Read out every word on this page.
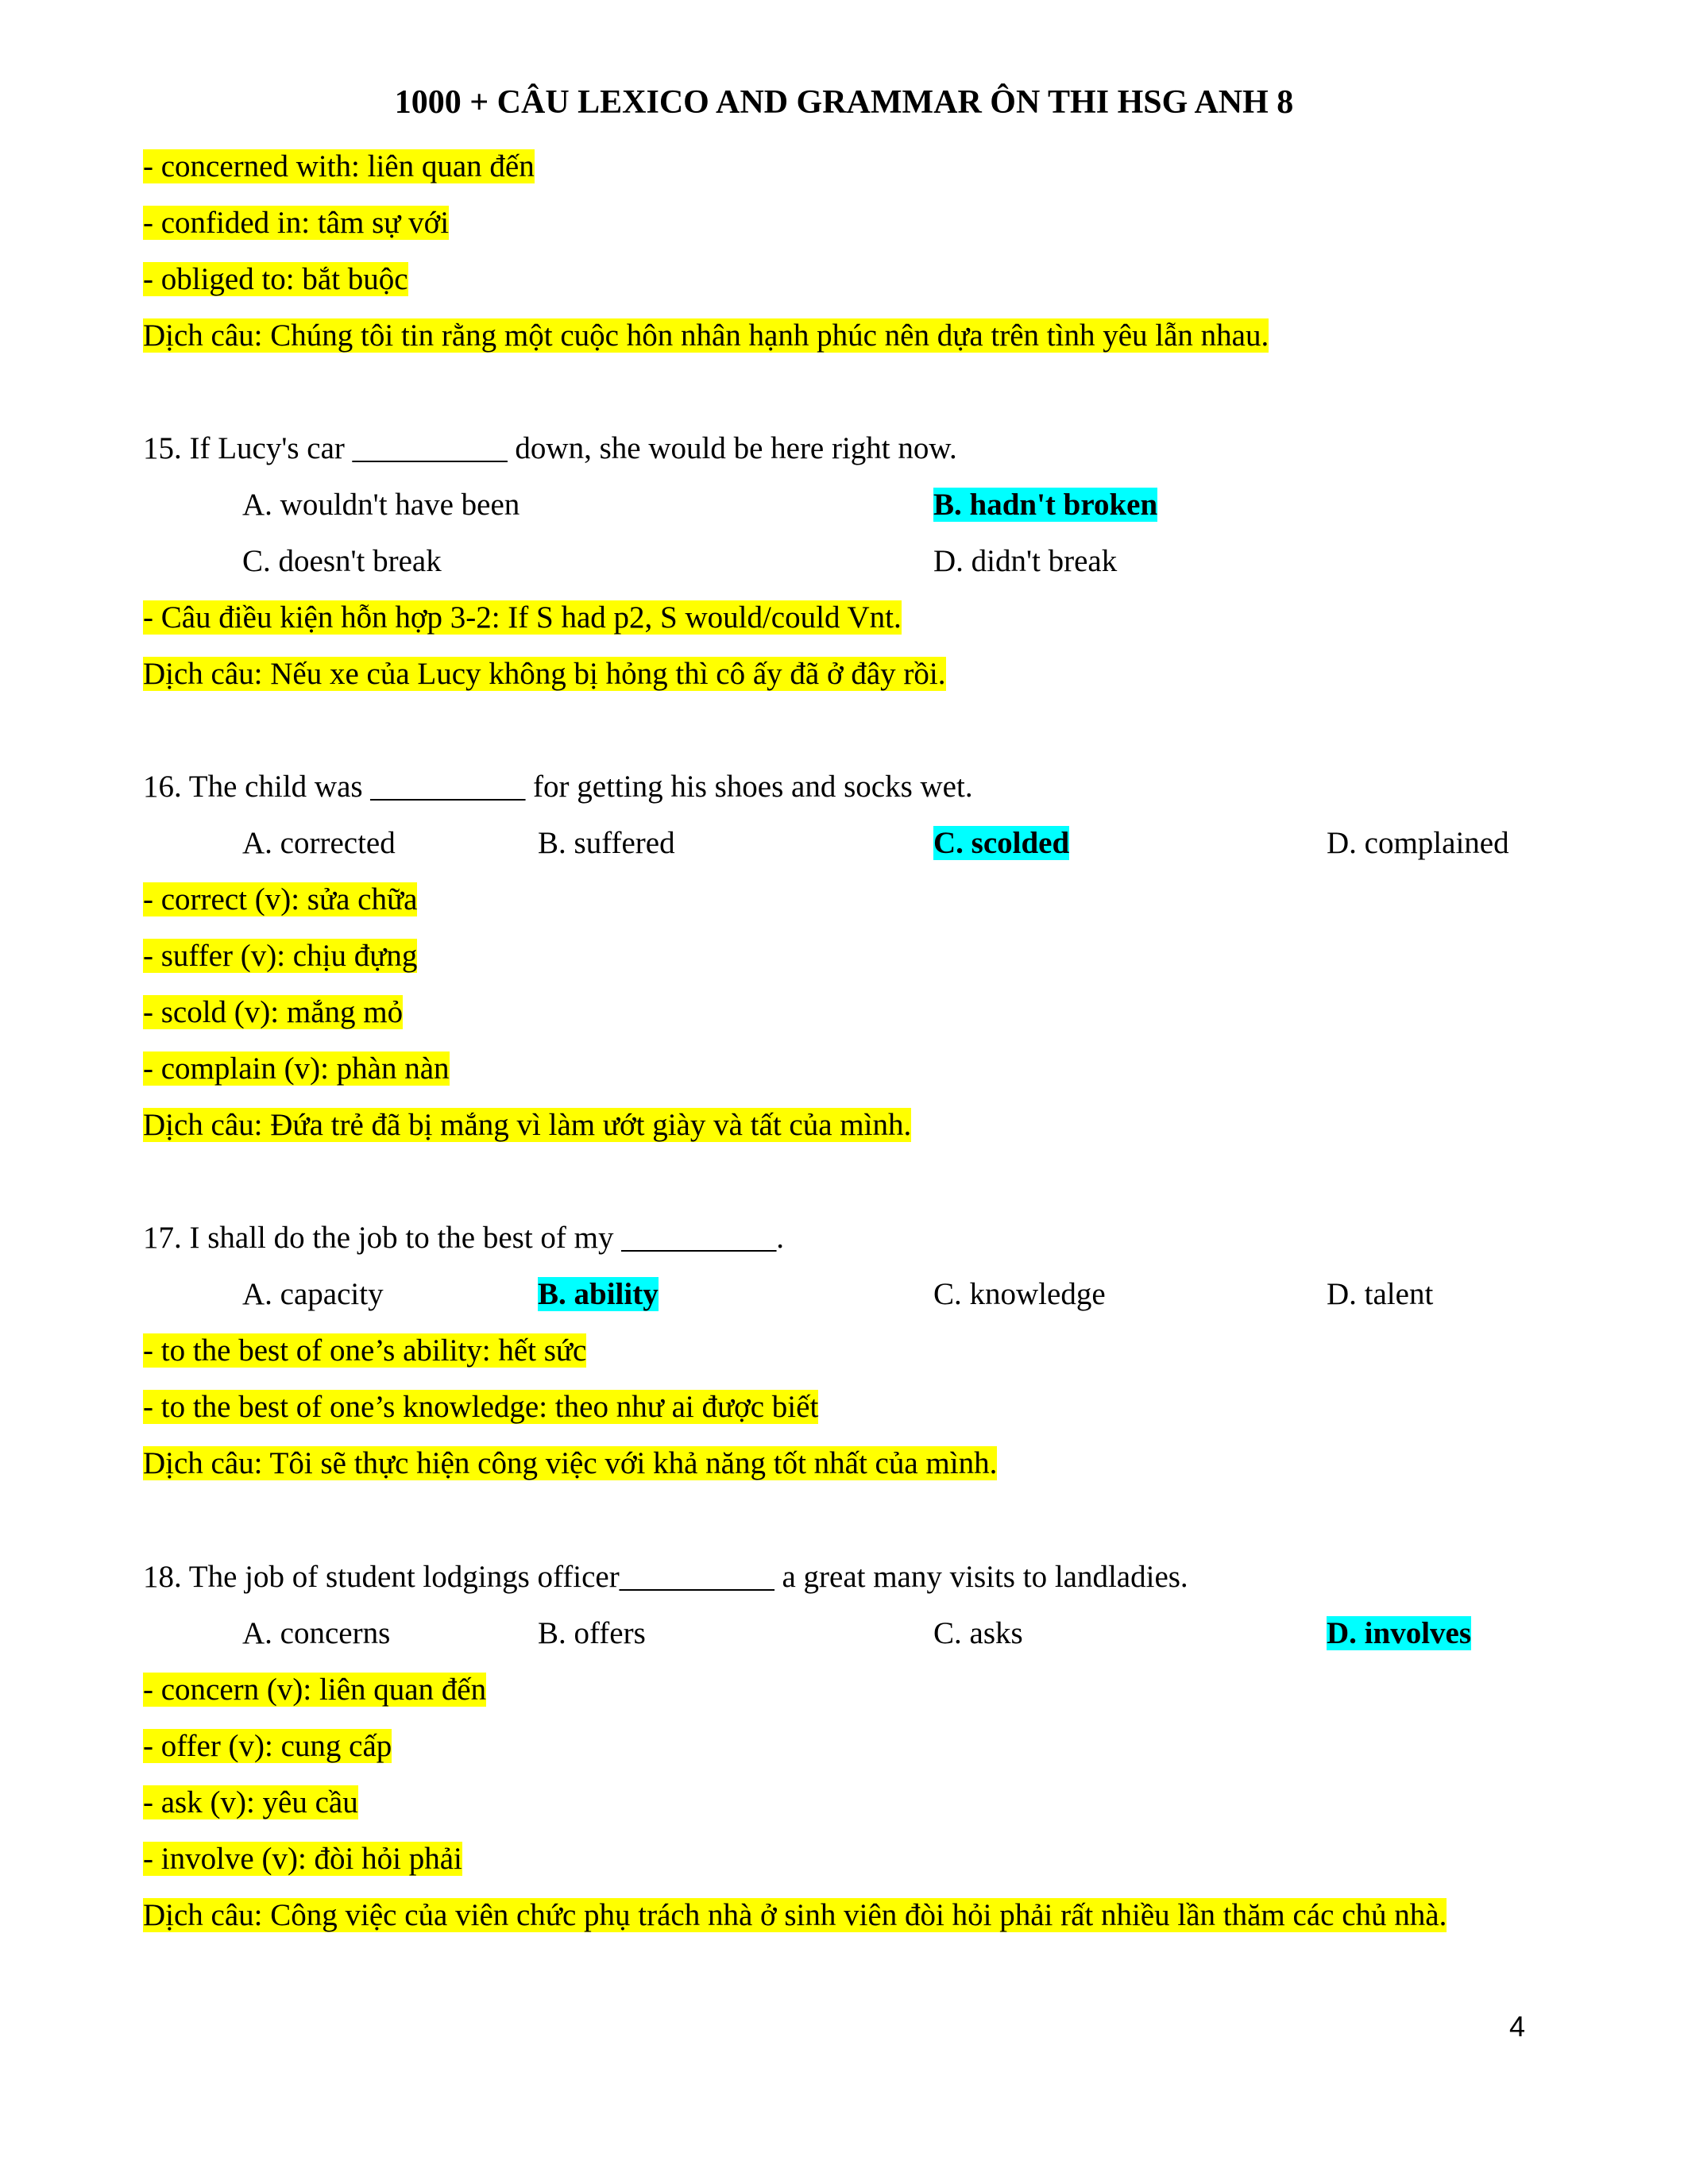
1000 + CÂU LEXICO AND GRAMMAR ÔN THI HSG ANH 8
- concerned with: liên quan đến
- confided in: tâm sự với
- obliged to: bắt buộc
Dịch câu: Chúng tôi tin rằng một cuộc hôn nhân hạnh phúc nên dựa trên tình yêu lẫn nhau.
15. If Lucy's car __________ down, she would be here right now.
A. wouldn't have been	B. hadn't broken
C. doesn't break	D. didn't break
- Câu điều kiện hỗn hợp 3-2: If S had p2, S would/could Vnt.
Dịch câu: Nếu xe của Lucy không bị hỏng thì cô ấy đã ở đây rồi.
16. The child was __________ for getting his shoes and socks wet.
A. corrected	B. suffered	C. scolded	D. complained
- correct (v): sửa chữa
- suffer (v): chịu đựng
- scold (v): mắng mỏ
- complain (v): phàn nàn
Dịch câu: Đứa trẻ đã bị mắng vì làm ướt giày và tất của mình.
17. I shall do the job to the best of my __________.
A. capacity	B. ability	C. knowledge	D. talent
- to the best of one’s ability: hết sức
- to the best of one’s knowledge: theo như ai được biết
Dịch câu: Tôi sẽ thực hiện công việc với khả năng tốt nhất của mình.
18. The job of student lodgings officer__________ a great many visits to landladies.
A. concerns	B. offers	C. asks	D. involves
- concern (v): liên quan đến
- offer (v): cung cấp
- ask (v): yêu cầu
- involve (v): đòi hỏi phải
Dịch câu: Công việc của viên chức phụ trách nhà ở sinh viên đòi hỏi phải rất nhiều lần thăm các chủ nhà.
4
